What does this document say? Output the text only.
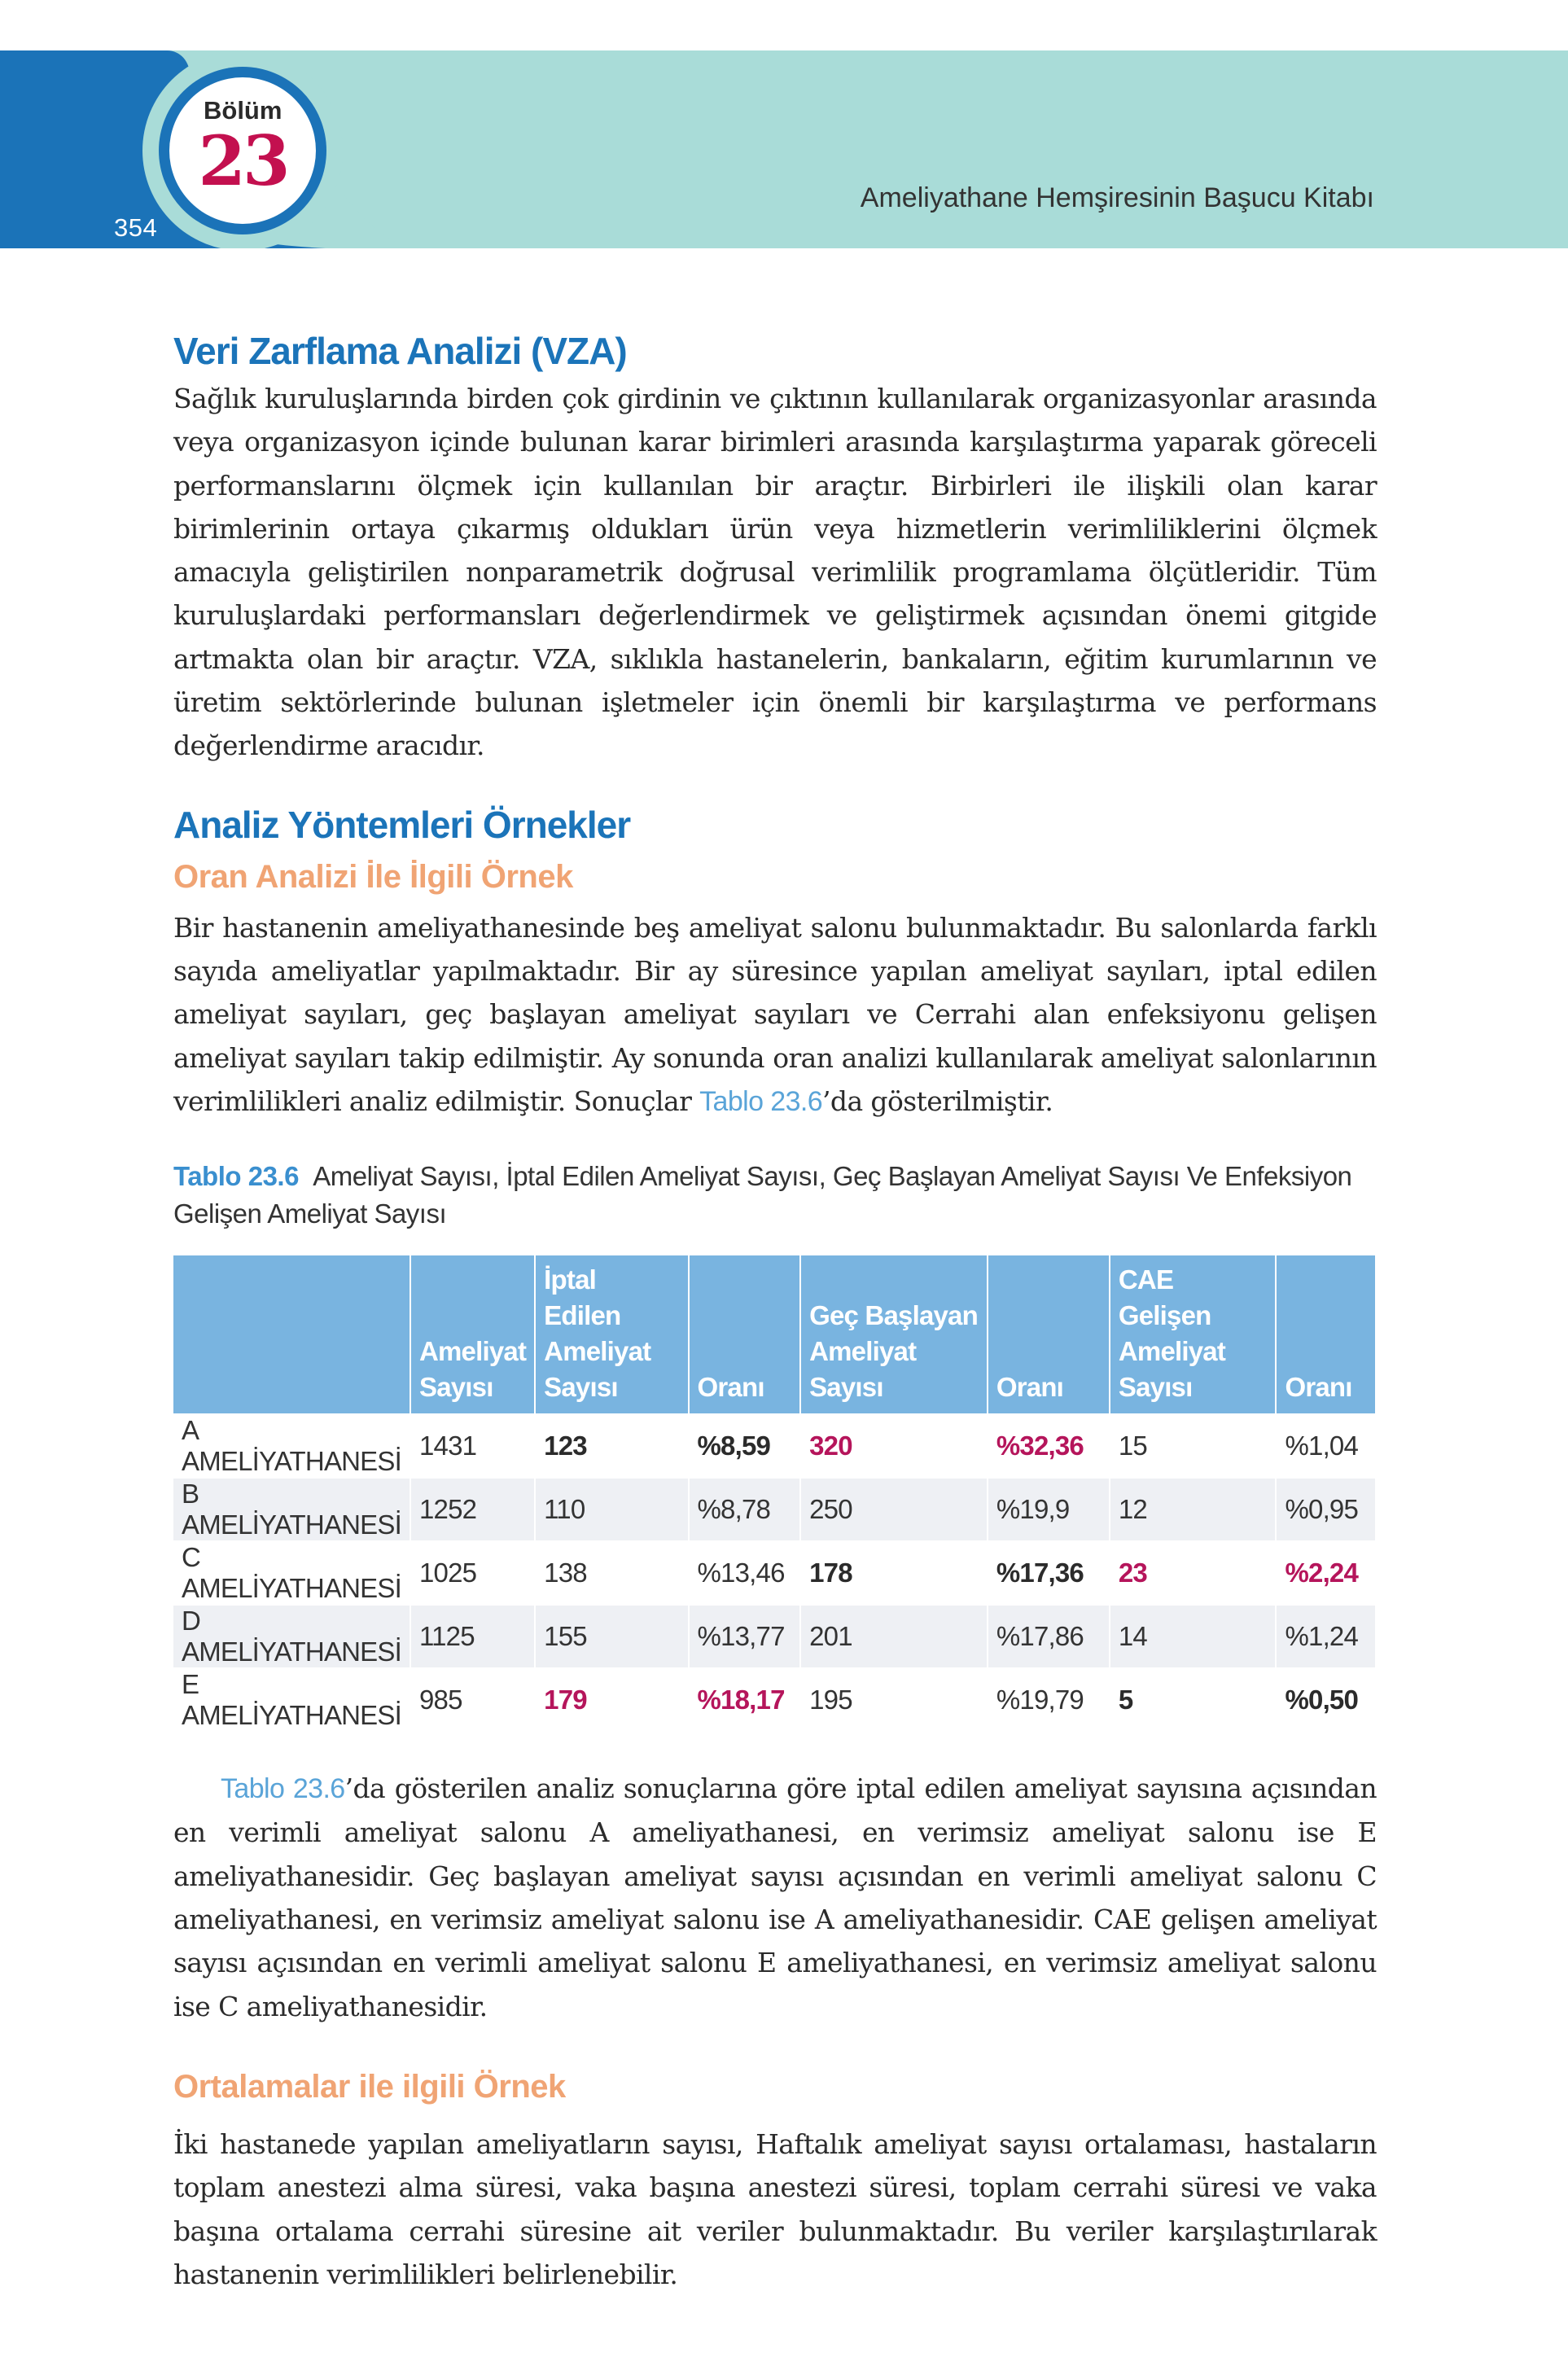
354
Bölüm
23	Ameliyathane Hemşiresinin Başucu Kitabı
Veri Zarflama Analizi (VZA)

Sağlık kuruluşlarında birden çok girdinin ve çıktının kullanılarak organizasyonlar arasında veya organizasyon içinde bulunan karar birimleri arasında karşılaştırma yaparak göreceli performanslarını ölçmek için kullanılan bir araçtır. Birbirleri ile ilişkili olan karar birimlerinin ortaya çıkarmış oldukları ürün veya hizmetlerin verimliliklerini ölçmek amacıyla geliştirilen nonparametrik doğrusal verimlilik programlama ölçütleridir. Tüm kuruluşlardaki performansları değerlendirmek ve geliştirmek açısından önemi gitgide artmakta olan bir araçtır. VZA, sıklıkla hastanelerin, bankaların, eğitim kurumlarının ve üretim sektörlerinde bulunan işletmeler için önemli bir karşılaştırma ve performans değerlendirme aracıdır.

Analiz Yöntemleri Örnekler
Oran Analizi İle İlgili Örnek

Bir hastanenin ameliyathanesinde beş ameliyat salonu bulunmaktadır. Bu salonlarda farklı sayıda ameliyatlar yapılmaktadır. Bir ay süresince yapılan ameliyat sayıları, iptal edilen ameliyat sayıları, geç başlayan ameliyat sayıları ve Cerrahi alan enfeksiyonu gelişen ameliyat sayıları takip edilmiştir. Ay sonunda oran analizi kullanılarak ameliyat salonlarının verimlilikleri analiz edilmiştir. Sonuçlar Tablo 23.6’da gösterilmiştir.

Tablo 23.6 Ameliyat Sayısı, İptal Edilen Ameliyat Sayısı, Geç Başlayan Ameliyat Sayısı Ve Enfeksiyon Gelişen Ameliyat Sayısı
	Ameliyat
Sayısı	İptal Edilen
Ameliyat
Sayısı	Oranı	Geç Başlayan
Ameliyat
Sayısı	Oranı	CAE Gelişen
Ameliyat
Sayısı	Oranı
A AMELİYATHANESİ	1431	123	%8,59	320	%32,36	15	%1,04
B AMELİYATHANESİ	1252	110	%8,78	250	%19,9	12	%0,95
C AMELİYATHANESİ	1025	138	%13,46	178	%17,36	23	%2,24
D AMELİYATHANESİ	1125	155	%13,77	201	%17,86	14	%1,24
E AMELİYATHANESİ	985	179	%18,17	195	%19,79	5	%0,50

Tablo 23.6’da gösterilen analiz sonuçlarına göre iptal edilen ameliyat sayısına açısından en verimli ameliyat salonu A ameliyathanesi, en verimsiz ameliyat salonu ise E ameliyathanesidir. Geç başlayan ameliyat sayısı açısından en verimli ameliyat salonu C ameliyathanesi, en verimsiz ameliyat salonu ise A ameliyathanesidir. CAE gelişen ameliyat sayısı açısından en verimli ameliyat salonu E ameliyathanesi, en verimsiz ameliyat salonu ise C ameliyathanesidir.

Ortalamalar ile ilgili Örnek

İki hastanede yapılan ameliyatların sayısı, Haftalık ameliyat sayısı ortalaması, hastaların toplam anestezi alma süresi, vaka başına anestezi süresi, toplam cerrahi süresi ve vaka başına ortalama cerrahi süresine ait veriler bulunmaktadır. Bu veriler karşılaştırılarak hastanenin verimlilikleri belirlenebilir.
